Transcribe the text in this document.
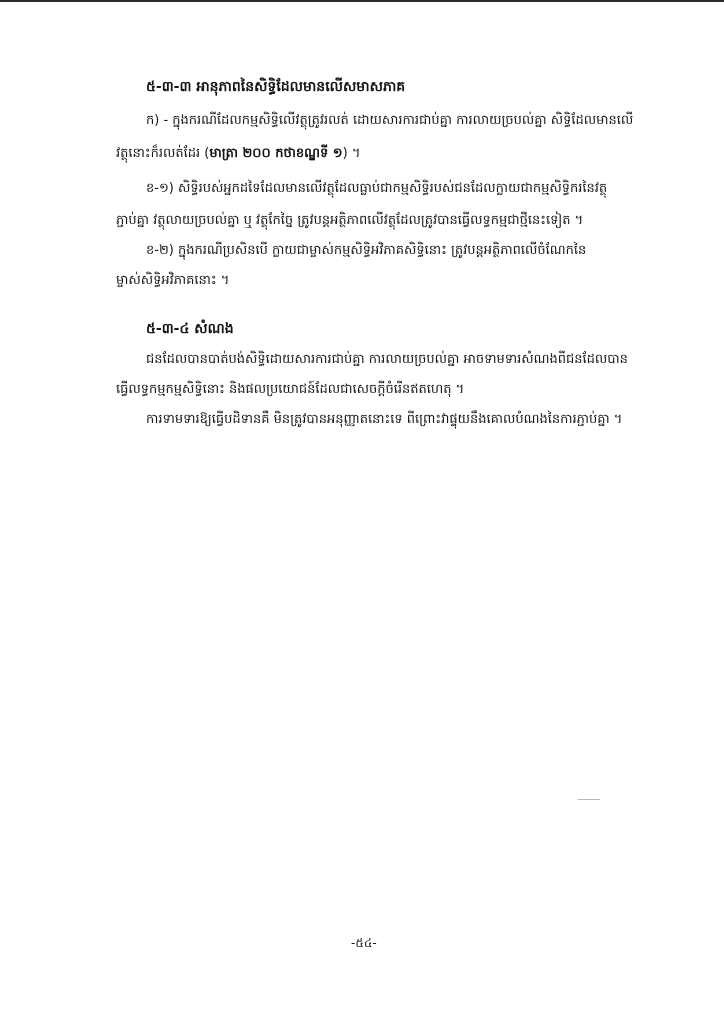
៥-៣-៣ អានុភាពនៃសិទ្ធិដែលមានលើសមាសភាគ
ក) - ក្នុងករណីដែលកម្មសិទ្ធិលើវត្ថុត្រូវរលត់ ដោយសារការជាប់គ្នា ការលាយច្របល់គ្នា សិទ្ធិដែលមានលើ
វត្ថុនោះក៏រលត់ដែរ (មាត្រា ២០០ កថាខណ្ឌទី ១) ។
ខ-១) សិទ្ធិរបស់អ្នកដទៃដែលមានលើវត្ថុដែលធ្លាប់ជាកម្មសិទ្ធិរបស់ជនដែលក្លាយជាកម្មសិទ្ធិករនៃវត្ថុ
ភ្ជាប់គ្នា វត្ថុលាយច្របល់គ្នា ឬ វត្ថុកែច្នៃ ត្រូវបន្តអត្ថិភាពលើវត្ថុដែលត្រូវបានធ្វើលទ្ធកម្មជាថ្មីនេះទៀត ។
ខ-២) ក្នុងករណីប្រសិនបើ ក្លាយជាម្ចាស់កម្មសិទ្ធិអវិភាគសិទ្ធិនោះ ត្រូវបន្តអត្ថិភាពលើចំណែកនៃ
ម្ចាស់សិទ្ធិអវិភាគនោះ ។
៥-៣-៤ សំណង
ជនដែលបានបាត់បង់សិទ្ធិដោយសារការជាប់គ្នា ការលាយច្របល់គ្នា អាចទាមទារសំណងពីជនដែលបាន
ធ្វើលទ្ធកម្មកម្មសិទ្ធិនោះ និងផលប្រយោជន៍ដែលជាសេចក្តីចំរើនឥតហេតុ ។
ការទាមទារឱ្យធ្វើបដិទានគឺ មិនត្រូវបានអនុញ្ញាតនោះទេ ពីព្រោះវាផ្ទុយនឹងគោលបំណងនៃការភ្ជាប់គ្នា ។
-៥៤-
